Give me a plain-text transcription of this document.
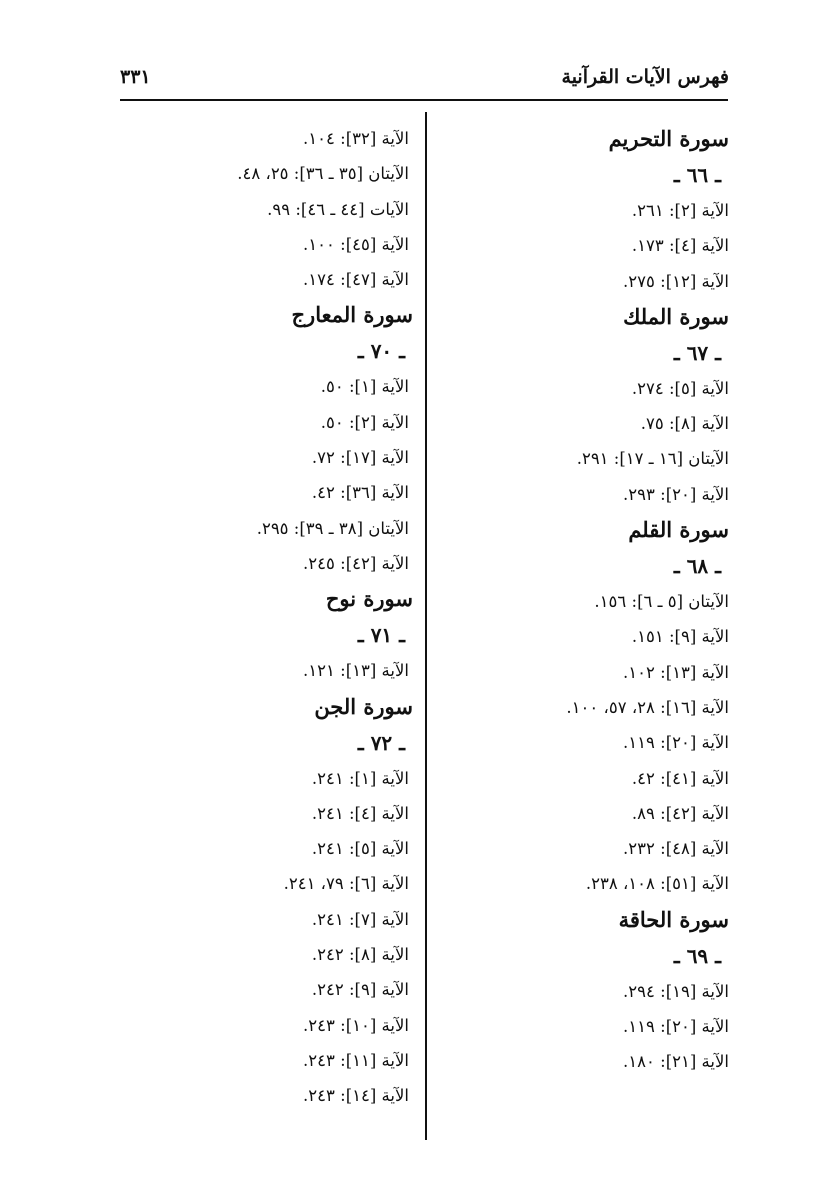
فهرس الآيات القرآنية
٣٣١
سورة التحريم
ـ ٦٦ ـ
الآية [٢]: ٢٦١.
الآية [٤]: ١٧٣.
الآية [١٢]: ٢٧٥.
سورة الملك
ـ ٦٧ ـ
الآية [٥]: ٢٧٤.
الآية [٨]: ٧٥.
الآيتان [١٦ ـ ١٧]: ٢٩١.
الآية [٢٠]: ٢٩٣.
سورة القلم
ـ ٦٨ ـ
الآيتان [٥ ـ ٦]: ١٥٦.
الآية [٩]: ١٥١.
الآية [١٣]: ١٠٢.
الآية [١٦]: ٢٨، ٥٧، ١٠٠.
الآية [٢٠]: ١١٩.
الآية [٤١]: ٤٢.
الآية [٤٢]: ٨٩.
الآية [٤٨]: ٢٣٢.
الآية [٥١]: ١٠٨، ٢٣٨.
سورة الحاقة
ـ ٦٩ ـ
الآية [١٩]: ٢٩٤.
الآية [٢٠]: ١١٩.
الآية [٢١]: ١٨٠.
الآية [٣٢]: ١٠٤.
الآيتان [٣٥ ـ ٣٦]: ٢٥، ٤٨.
الآيات [٤٤ ـ ٤٦]: ٩٩.
الآية [٤٥]: ١٠٠.
الآية [٤٧]: ١٧٤.
سورة المعارج
ـ ٧٠ ـ
الآية [١]: ٥٠.
الآية [٢]: ٥٠.
الآية [١٧]: ٧٢.
الآية [٣٦]: ٤٢.
الآيتان [٣٨ ـ ٣٩]: ٢٩٥.
الآية [٤٢]: ٢٤٥.
سورة نوح
ـ ٧١ ـ
الآية [١٣]: ١٢١.
سورة الجن
ـ ٧٢ ـ
الآية [١]: ٢٤١.
الآية [٤]: ٢٤١.
الآية [٥]: ٢٤١.
الآية [٦]: ٧٩، ٢٤١.
الآية [٧]: ٢٤١.
الآية [٨]: ٢٤٢.
الآية [٩]: ٢٤٢.
الآية [١٠]: ٢٤٣.
الآية [١١]: ٢٤٣.
الآية [١٤]: ٢٤٣.
